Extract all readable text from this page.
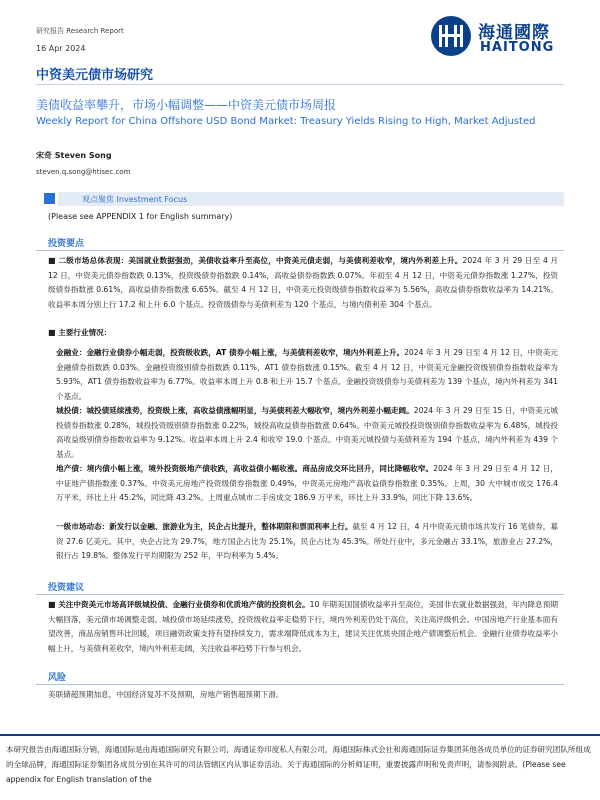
研究报告 Research Report
16 Apr 2024
海通國際
HAITONG
中资美元债市场研究
美债收益率攀升，市场小幅调整——中资美元债市场周报
Weekly Report for China Offshore USD Bond Market: Treasury Yields Rising to High, Market Adjusted
宋奇 Steven Song
steven.q.song@htisec.com
观点聚焦 Investment Focus
(Please see APPENDIX 1 for English summary)
投资要点
■ 二级市场总体表现：美国就业数据强劲，美债收益率升至高位，中资美元债走弱，与美债利差收窄，境内外利差上升。2024 年 3 月 29 日至 4 月 12 日，中资美元债券指数跌 0.13%，投资级债券指数跌 0.14%，高收益债券指数跌 0.07%。年初至 4 月 12 日，中资美元债券指数涨 1.27%，投资级债券指数涨 0.61%，高收益债券指数涨 6.65%。截至 4 月 12 日，中资美元投资级债券指数收益率为 5.56%，高收益债券指数收益率为 14.21%。收益率本周分别上行 17.2 和上升 6.0 个基点。投资级债券与美债利差为 120 个基点，与境内债利差 304 个基点。
■ 主要行业情况：
金融业：金融行业债券小幅走弱，投资级收跌，AT 债券小幅上涨，与美债利差收窄，境内外利差上升。2024 年 3 月 29 日至 4 月 12 日，中资美元金融债券指数跌 0.03%。金融投资级别债券指数跌 0.11%，AT1 债券指数涨 0.15%。截至 4 月 12 日，中资美元金融投资级别债券指数收益率为 5.93%，AT1 债券指数收益率为 6.77%。收益率本周上升 0.8 和上升 15.7 个基点。金融投资级债券与美债利差为 139 个基点，境内外利差为 341 个基点。
城投债：城投债延续涨势，投资级上涨，高收益债涨幅明显，与美债利差大幅收窄，境内外利差小幅走阔。2024 年 3 月 29 日至 15 日，中资美元城投债券指数涨 0.28%，城投投资级别债券指数涨 0.22%，城投高收益债券指数涨 0.64%。中资美元城投投资级别债券指数收益率为 6.48%，城投投高收益级别债券指数收益率为 9.12%。收益率本周上升 2.4 和收窄 19.0 个基点。中资美元城投债与美债利差为 194 个基点，境内外利差为 439 个基点。
地产债：境内债小幅上涨，境外投资级地产债收跌，高收益债小幅收涨。商品房成交环比回升，同比降幅收窄。2024 年 3 月 29 日至 4 月 12 日，中证地产债指数涨 0.37%。中资美元房地产投资级债券指数涨 0.49%，中资美元房地产高收益债券指数涨 0.35%。上周，30 大中城市成交 176.4 万平米，环比上升 45.2%，同比降 43.2%。上周重点城市二手房成交 186.9 万平米，环比上升 33.9%，同比下降 13.6%。
一级市场动态：新发行以金融、旅游业为主，民企占比提升，整体期限和票面利率上行。截至 4 月 12 日，4 月中资美元债市场共发行 16 笔债券，募资 27.6 亿美元。其中，央企占比为 29.7%，地方国企占比为 25.1%，民企占比为 45.3%。所处行业中，多元金融占 33.1%，旅游业占 27.2%，银行占 19.8%。整体发行平均期限为 252 年，平均利率为 5.4%。
投资建议
■ 关注中资美元市场高评级城投债、金融行业债券和优质地产债的投资机会。10 年期美国国债收益率升至高位，美国非农就业数据强劲，年内降息预期大幅回落，美元债市场调整走弱。城投债市场延续涨势，投资级收益率走稳势下行，境内外利差仍处于高位，关注高评级机会。中国房地产行业基本面有望改善，商品房销售环比回暖，项目融资政策支持有望持续发力，需求端降低成本为主，建议关注优质央国企地产债调整后机会。金融行业债券收益率小幅上升，与美债利差收窄，境内外利差走阔，关注收益率趋势下行参与机会。
风险
美联储超预期加息，中国经济复苏不及预期，房地产销售超预期下滑。
本研究报告由海通国际分销，海通国际是由海通国际研究有限公司，海通证券印度私人有限公司，海通国际株式会社和海通国际证券集团其他各成员单位的证券研究团队所组成的全球品牌，海通国际证券集团各成员分别在其许可的司法管辖区内从事证券活动。关于海通国际的分析师证明，重要披露声明和免责声明，请参阅附录。(Please see appendix for English translation of the
